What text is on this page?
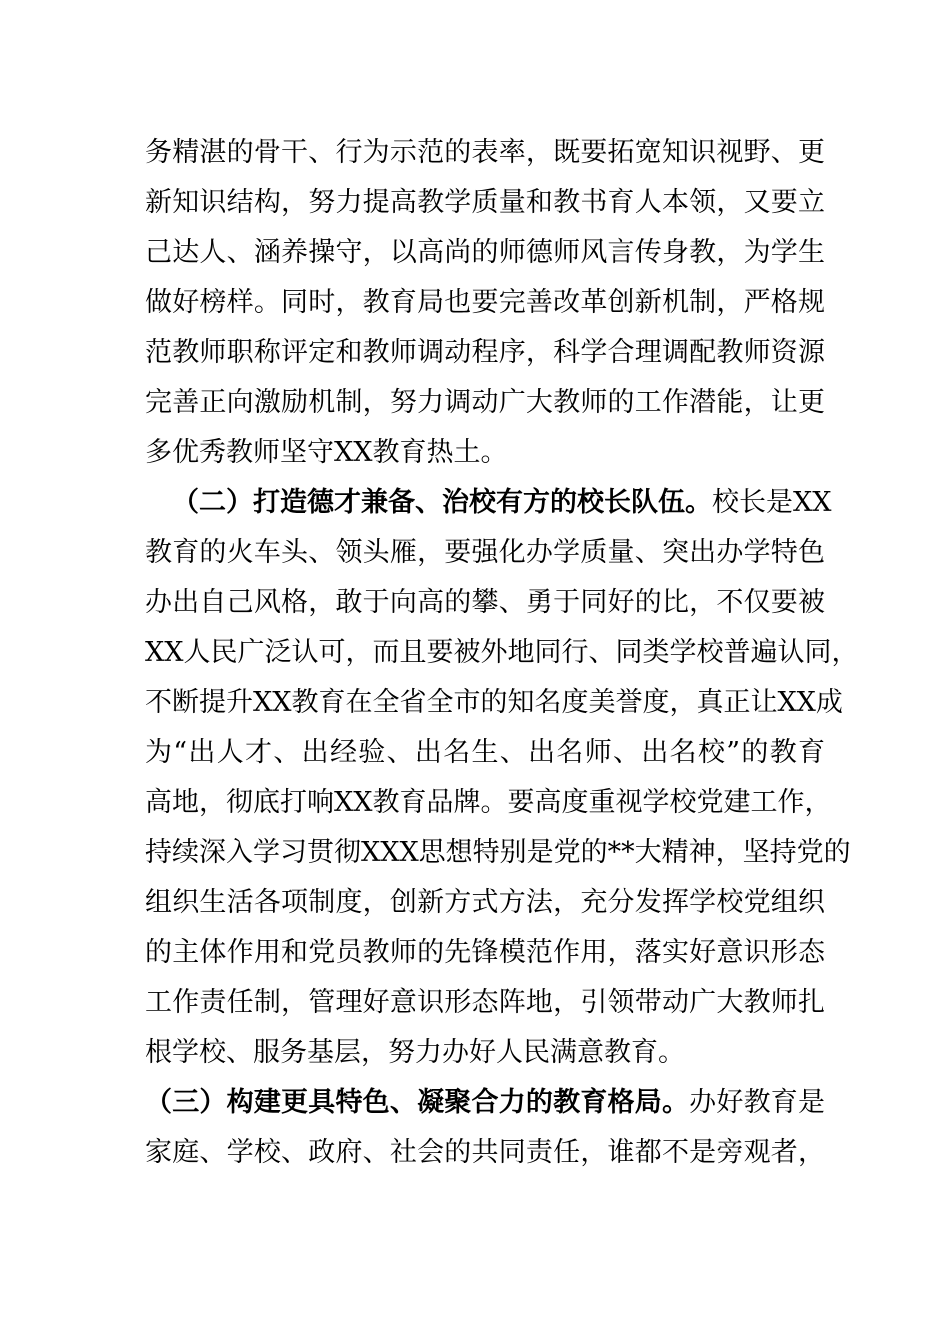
务精湛的骨干、行为示范的表率，既要拓宽知识视野、更
新知识结构，努力提高教学质量和教书育人本领，又要立
己达人、涵养操守，以高尚的师德师风言传身教，为学生
做好榜样。同时，教育局也要完善改革创新机制，严格规
范教师职称评定和教师调动程序，科学合理调配教师资源
完善正向激励机制，努力调动广大教师的工作潜能，让更
多优秀教师坚守XX教育热土。
（二）打造德才兼备、治校有方的校长队伍。校长是XX
教育的火车头、领头雁，要强化办学质量、突出办学特色
办出自己风格，敢于向高的攀、勇于同好的比，不仅要被
XX人民广泛认可，而且要被外地同行、同类学校普遍认同，
不断提升XX教育在全省全市的知名度美誉度，真正让XX成
为“出人才、出经验、出名生、出名师、出名校”的教育
高地，彻底打响XX教育品牌。要高度重视学校党建工作，
持续深入学习贯彻XXX思想特别是党的**大精神，坚持党的
组织生活各项制度，创新方式方法，充分发挥学校党组织
的主体作用和党员教师的先锋模范作用，落实好意识形态
工作责任制，管理好意识形态阵地，引领带动广大教师扎
根学校、服务基层，努力办好人民满意教育。
（三）构建更具特色、凝聚合力的教育格局。办好教育是
家庭、学校、政府、社会的共同责任，谁都不是旁观者，
